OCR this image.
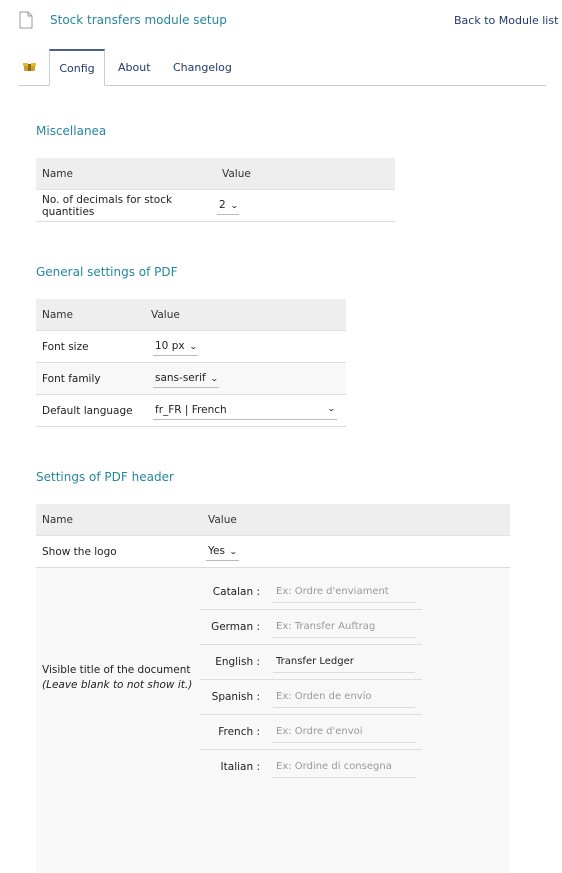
Stock transfers module setup	Back to Module list
Config	About Changelog
Miscellanea
Name	Value
No. of decimals for stock quantities	2 ⌄
General settings of PDF
Name	Value
Font size	10 px ⌄
Font family	sans-serif ⌄
Default language	fr_FR | French ⌄
Settings of PDF header
Name	Value
Show the logo	Yes ⌄

Visible title of the document
(Leave blank to not show it.)	

Catalan :
Ex: Ordre d'enviament
German :
Ex: Transfer Auftrag
English :
Transfer Ledger
Spanish :
Ex: Orden de envío
French :
Ex: Ordre d'envoi
Italian :
Ex: Ordine di consegna
